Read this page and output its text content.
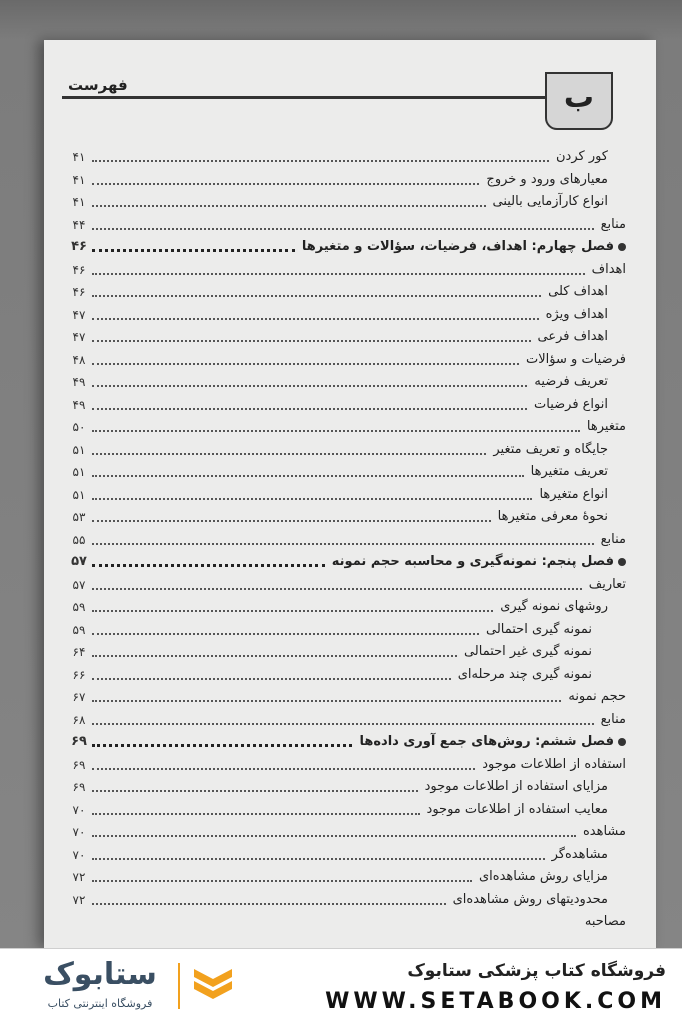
فهرست	ب
کور کردن
۴۱
معیارهای ورود و خروج
۴۱
انواع کارآزمایی بالینی
۴۱
منابع
۴۴
فصل چهارم: اهداف، فرضیات، سؤالات و متغیرها
۴۶
اهداف
۴۶
اهداف کلی
۴۶
اهداف ویژه
۴۷
اهداف فرعی
۴۷
فرضیات و سؤالات
۴۸
تعریف فرضیه
۴۹
انواع فرضیات
۴۹
متغیرها
۵۰
جایگاه و تعریف متغیر
۵۱
تعریف متغیرها
۵۱
انواع متغیرها
۵۱
نحوۀ معرفی متغیرها
۵۳
منابع
۵۵
فصل پنجم: نمونه‌گیری و محاسبه حجم نمونه
۵۷
تعاریف
۵۷
روشهای نمونه گیری
۵۹
نمونه گیری احتمالی
۵۹
نمونه گیری غیر احتمالی
۶۴
نمونه گیری چند مرحله‌ای
۶۶
حجم نمونه
۶۷
منابع
۶۸
فصل ششم: روش‌های جمع آوری داده‌ها
۶۹
استفاده از اطلاعات موجود
۶۹
مزایای استفاده از اطلاعات موجود
۶۹
معایب استفاده از اطلاعات موجود
۷۰
مشاهده
۷۰
مشاهده‌گر
۷۰
مزایای روش مشاهده‌ای
۷۲
محدودیتهای روش مشاهده‌ای
۷۲
مصاحبه
ستابوک
فروشگاه اینترنتی کتاب
فروشگاه کتاب پزشکی ستابوک
WWW.SETABOOK.COM
